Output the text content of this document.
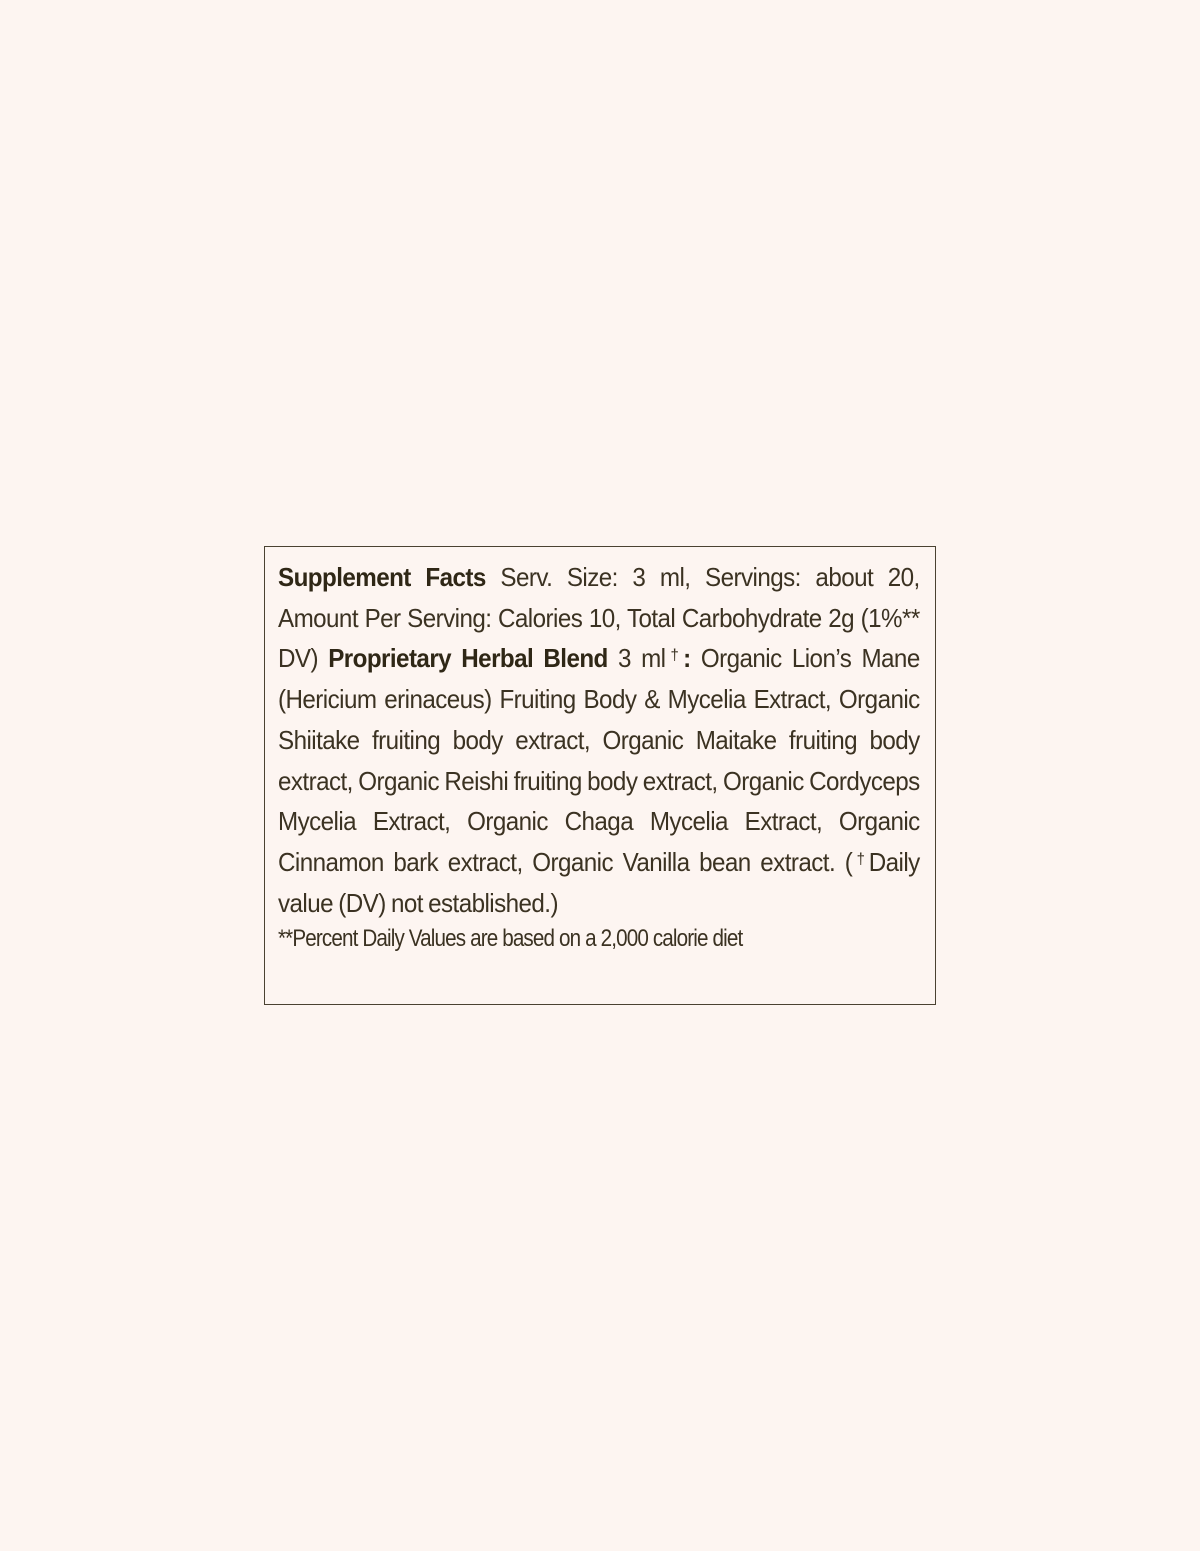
Supplement Facts Serv. Size: 3 ml, Servings: about 20, Amount Per Serving: Calories 10, Total Carbohydrate 2g (1%** DV) Proprietary Herbal Blend 3 ml†: Organic Lion’s Mane (Hericium erinaceus) Fruiting Body & Mycelia Extract, Organic Shiitake fruiting body extract, Organic Maitake fruiting body extract, Organic Reishi fruiting body extract, Organic Cordyceps Mycelia Extract, Organic Chaga Mycelia Extract, Organic Cinnamon bark extract, Organic Vanilla bean extract. (†Daily value (DV) not established.)
**Percent Daily Values are based on a 2,000 calorie diet
